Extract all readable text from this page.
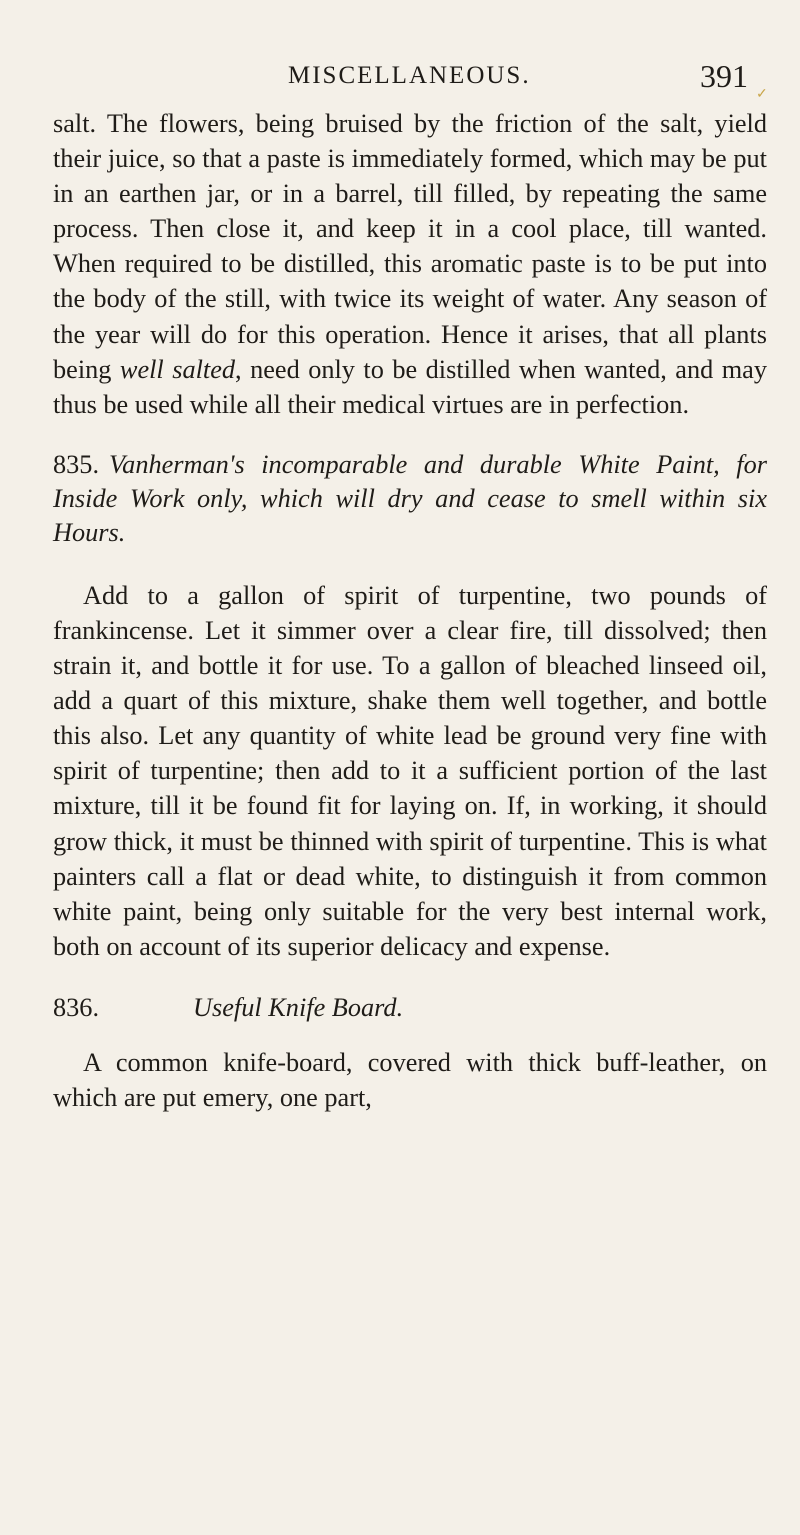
MISCELLANEOUS.
✓
391

salt. The flowers, being bruised by the friction of the salt, yield their juice, so that a paste is immediately formed, which may be put in an earthen jar, or in a barrel, till filled, by repeating the same process. Then close it, and keep it in a cool place, till wanted. When required to be distilled, this aromatic paste is to be put into the body of the still, with twice its weight of water. Any season of the year will do for this operation. Hence it arises, that all plants being well salted, need only to be distilled when wanted, and may thus be used while all their medical virtues are in perfection.

835. Vanherman's incomparable and durable White Paint, for Inside Work only, which will dry and cease to smell within six Hours.

Add to a gallon of spirit of turpentine, two pounds of frankincense. Let it simmer over a clear fire, till dissolved; then strain it, and bottle it for use. To a gallon of bleached linseed oil, add a quart of this mixture, shake them well together, and bottle this also. Let any quantity of white lead be ground very fine with spirit of turpentine; then add to it a sufficient portion of the last mixture, till it be found fit for laying on. If, in working, it should grow thick, it must be thinned with spirit of turpentine. This is what painters call a flat or dead white, to distinguish it from common white paint, being only suitable for the very best internal work, both on account of its superior delicacy and expense.

836.	Useful Knife Board.

A common knife-board, covered with thick buff-leather, on which are put emery, one part,
